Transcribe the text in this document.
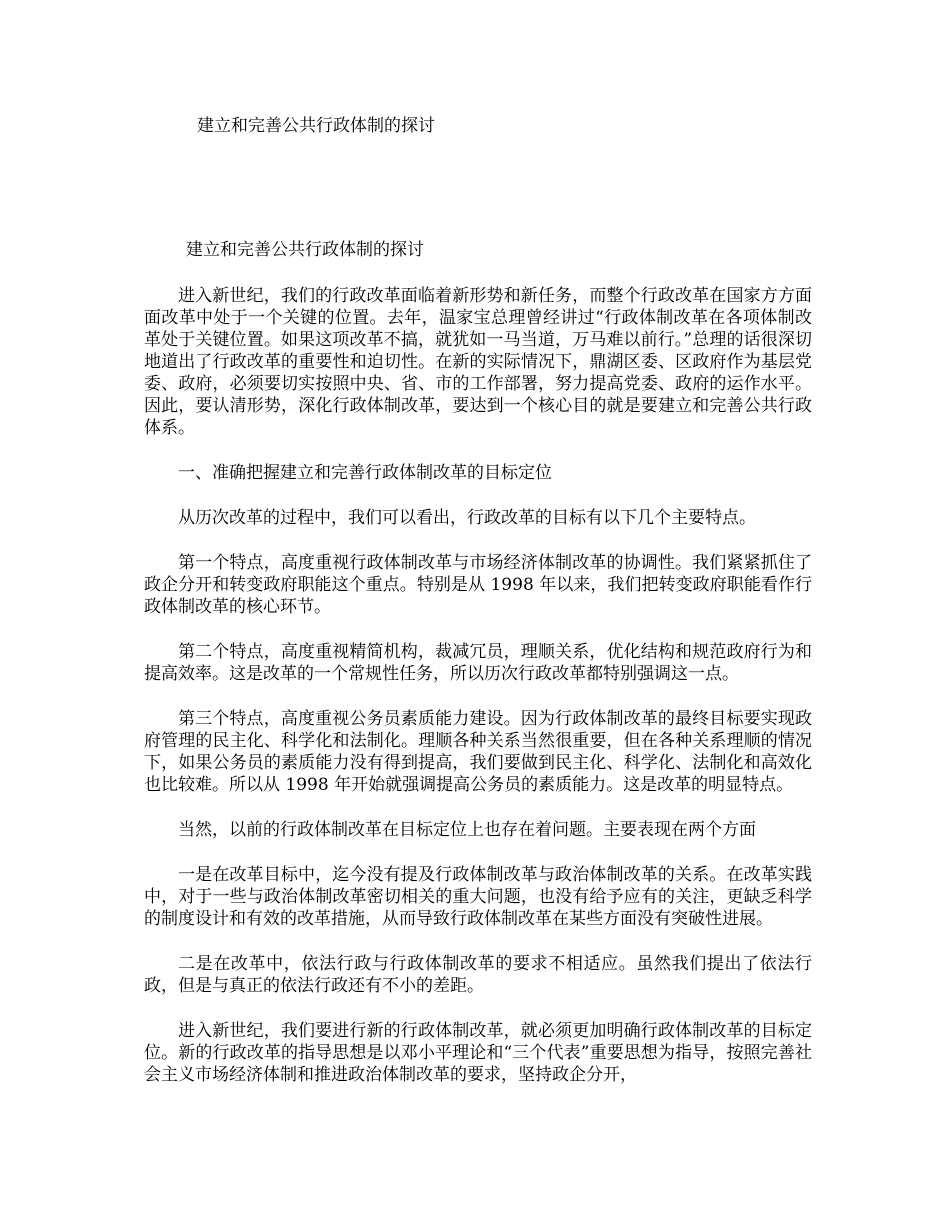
建立和完善公共行政体制的探讨

建立和完善公共行政体制的探讨

进入新世纪，我们的行政改革面临着新形势和新任务，而整个行政改革在国家方方面面改革中处于一个关键的位置。去年，温家宝总理曾经讲过“行政体制改革在各项体制改革处于关键位置。如果这项改革不搞，就犹如一马当道，万马难以前行。”总理的话很深切地道出了行政改革的重要性和迫切性。在新的实际情况下，鼎湖区委、区政府作为基层党委、政府，必须要切实按照中央、省、市的工作部署，努力提高党委、政府的运作水平。因此，要认清形势，深化行政体制改革，要达到一个核心目的就是要建立和完善公共行政体系。

一、准确把握建立和完善行政体制改革的目标定位

从历次改革的过程中，我们可以看出，行政改革的目标有以下几个主要特点。

第一个特点，高度重视行政体制改革与市场经济体制改革的协调性。我们紧紧抓住了政企分开和转变政府职能这个重点。特别是从 1998 年以来，我们把转变政府职能看作行政体制改革的核心环节。

第二个特点，高度重视精简机构，裁减冗员，理顺关系，优化结构和规范政府行为和提高效率。这是改革的一个常规性任务，所以历次行政改革都特别强调这一点。

第三个特点，高度重视公务员素质能力建设。因为行政体制改革的最终目标要实现政府管理的民主化、科学化和法制化。理顺各种关系当然很重要，但在各种关系理顺的情况下，如果公务员的素质能力没有得到提高，我们要做到民主化、科学化、法制化和高效化也比较难。所以从 1998 年开始就强调提高公务员的素质能力。这是改革的明显特点。

当然，以前的行政体制改革在目标定位上也存在着问题。主要表现在两个方面

一是在改革目标中，迄今没有提及行政体制改革与政治体制改革的关系。在改革实践中，对于一些与政治体制改革密切相关的重大问题，也没有给予应有的关注，更缺乏科学的制度设计和有效的改革措施，从而导致行政体制改革在某些方面没有突破性进展。

二是在改革中，依法行政与行政体制改革的要求不相适应。虽然我们提出了依法行政，但是与真正的依法行政还有不小的差距。

进入新世纪，我们要进行新的行政体制改革，就必须更加明确行政体制改革的目标定位。新的行政改革的指导思想是以邓小平理论和“三个代表”重要思想为指导，按照完善社会主义市场经济体制和推进政治体制改革的要求，坚持政企分开，
